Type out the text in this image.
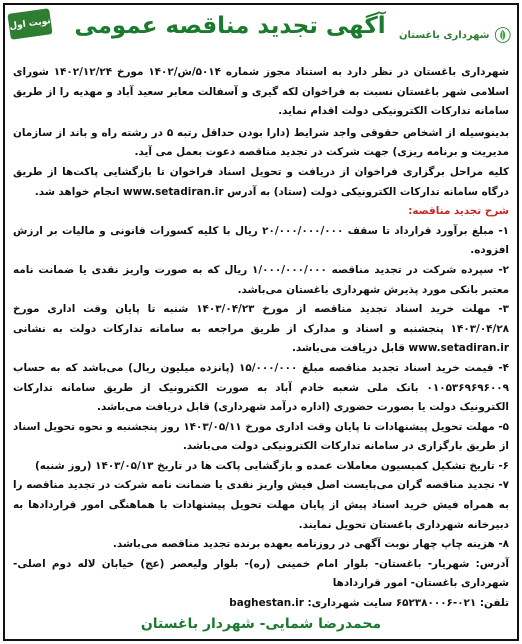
شهرداری باغستان
آگهی تجدید مناقصه عمومی
نوبت اول

شهرداری باغستان در نظر دارد به استناد مجوز شماره ۵۰۱۴/ش/۱۴۰۲ مورخ ۱۴۰۲/۱۲/۲۴ شورای اسلامی شهر باغستان نسبت به فراخوان لکه گیری و آسفالت معابر سعید آباد و مهدیه را از طریق سامانه تدارکات الکترونیکی دولت اقدام نماید.

بدینوسیله از اشخاص حقوقی واجد شرایط (دارا بودن حداقل رتبه ۵ در رشته راه و باند از سازمان مدیریت و برنامه ریزی) جهت شرکت در تجدید مناقصه دعوت بعمل می آید.

کلیه مراحل برگزاری فراخوان از دریافت و تحویل اسناد فراخوان تا بازگشایی پاکت‌ها از طریق درگاه سامانه تدارکات الکترونیکی دولت (ستاد) به آدرس www.setadiran.ir انجام خواهد شد.

شرح تجدید مناقصه:

۱- مبلغ برآورد قرارداد تا سقف ۲۰/۰۰۰/۰۰۰/۰۰۰ ریال با کلیه کسورات قانونی و مالیات بر ارزش افزوده.

۲- سپرده شرکت در تجدید مناقصه ۱/۰۰۰/۰۰۰/۰۰۰ ریال که به صورت واریز نقدی یا ضمانت نامه معتبر بانکی مورد پذیرش شهرداری باغستان می‌باشد.

۳- مهلت خرید اسناد تجدید مناقصه از مورخ ۱۴۰۳/۰۴/۲۳ شنبه تا پایان وقت اداری مورخ ۱۴۰۳/۰۴/۲۸ پنجشنبه و اسناد و مدارک از طریق مراجعه به سامانه تدارکات دولت به نشانی www.setadiran.ir قابل دریافت می‌باشد.

۴- قیمت خرید اسناد تجدید مناقصه مبلغ ۱۵/۰۰۰/۰۰۰ (پانزده میلیون ریال) می‌باشد که به حساب ۰۱۰۵۳۶۹۶۹۶۰۰۹ بانک ملی شعبه خادم آباد به صورت الکترونیک از طریق سامانه تدارکات الکترونیک دولت یا بصورت حضوری (اداره درآمد شهرداری) قابل دریافت می‌باشد.

۵- مهلت تحویل پیشنهادات تا پایان وقت اداری مورخ ۱۴۰۳/۰۵/۱۱ روز پنجشنبه و نحوه تحویل اسناد از طریق بارگزاری در سامانه تدارکات الکترونیکی دولت می‌باشد.

۶- تاریخ تشکیل کمیسیون معاملات عمده و بازگشایی پاکت ها در تاریخ ۱۴۰۳/۰۵/۱۳ (روز شنبه)

۷- تجدید مناقصه گران می‌بایست اصل فیش واریز نقدی یا ضمانت نامه شرکت در تجدید مناقصه را به همراه فیش خرید اسناد پیش از پایان مهلت تحویل پیشنهادات با هماهنگی امور قراردادها به دبیرخانه شهرداری باغستان تحویل نمایند.

۸- هزینه چاپ چهار نوبت آگهی در روزنامه بعهده برنده تجدید مناقصه می‌باشد.

آدرس: شهریار- باغستان- بلوار امام خمینی (ره)- بلوار ولیعصر (عج) خیابان لاله دوم اصلی- شهرداری باغستان- امور قراردادها

تلفن: ۰۲۱-۶۵۲۳۸۰۰۰۶ سایت شهرداری: baghestan.ir

محمدرضا شمایی- شهردار باغستان
